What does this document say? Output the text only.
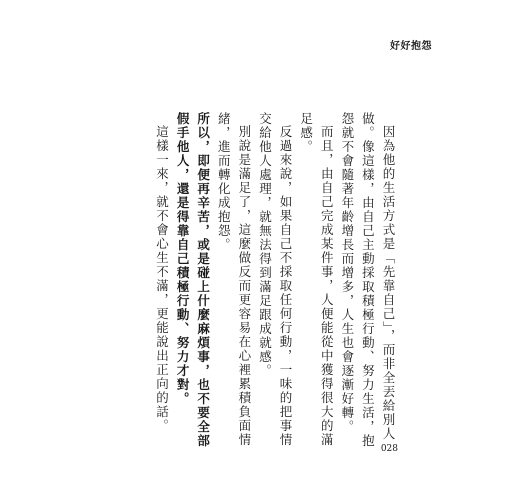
好好抱怨

因為他的生活方式是「先靠自己」，而非全丟給別人做。像這樣，由自己主動採取積極行動、努力生活，抱怨就不會隨著年齡增長而增多，人生也會逐漸好轉。

而且，由自己完成某件事，人便能從中獲得很大的滿足感。

反過來說，如果自己不採取任何行動，一味的把事情交給他人處理，就無法得到滿足跟成就感。

別說是滿足了，這麼做反而更容易在心裡累積負面情緒，進而轉化成抱怨。

所以，即便再辛苦，或是碰上什麼麻煩事，也不要全部假手他人，還是得靠自己積極行動、努力才對。

這樣一來，就不會心生不滿，更能說出正向的話。

028
